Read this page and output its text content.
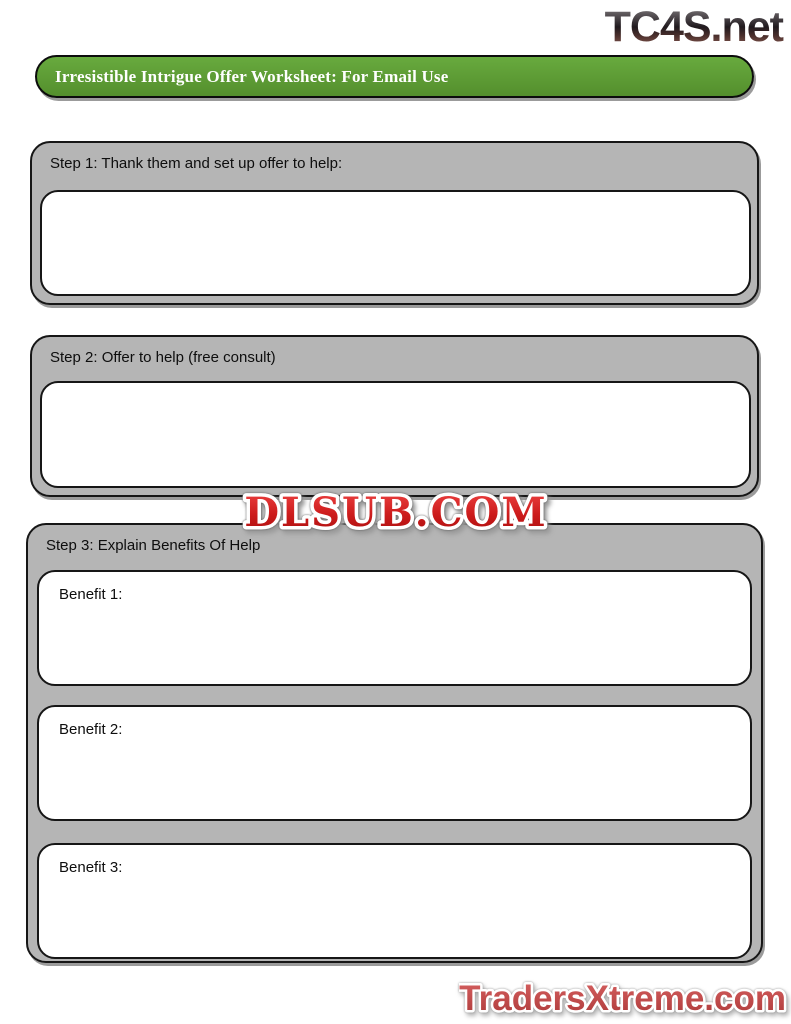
TC4S.net
Irresistible Intrigue Offer Worksheet: For Email Use
Step 1: Thank them and set up offer to help:
Step 2: Offer to help (free consult)
DLSUB.COM
Step 3: Explain Benefits Of Help
Benefit 1:
Benefit 2:
Benefit 3:
TradersXtreme.com
